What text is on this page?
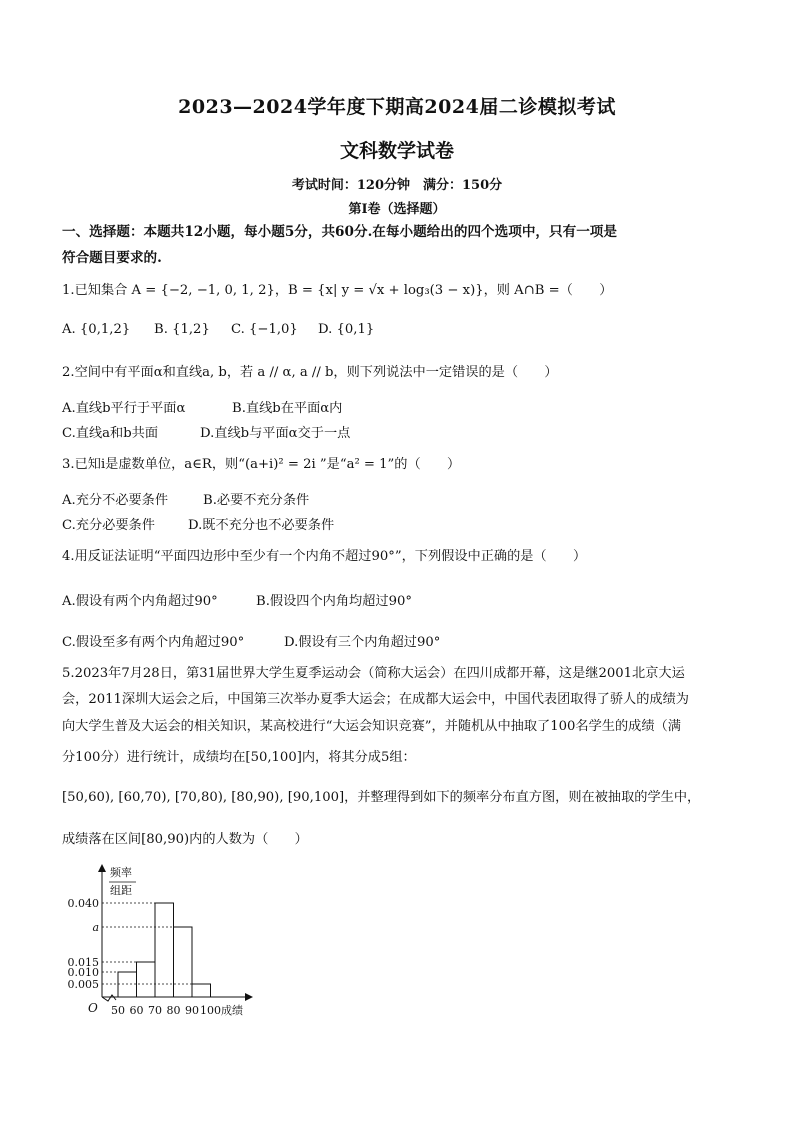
2023—2024学年度下期高2024届二诊模拟考试
文科数学试卷
考试时间：120分钟　满分：150分
第Ⅰ卷（选择题）
一、选择题：本题共12小题，每小题5分，共60分.在每小题给出的四个选项中，只有一项是
符合题目要求的.
1.已知集合 A = {−2, −1, 0, 1, 2}，B = {x| y = √x + log₃(3 − x)}，则 A∩B =（　　）
A. {0,1,2} B. {1,2} C. {−1,0} D. {0,1}
2.空间中有平面α和直线a, b，若 a // α, a // b，则下列说法中一定错误的是（　　）
A.直线b平行于平面α	B.直线b在平面α内
C.直线a和b共面	D.直线b与平面α交于一点
3.已知i是虚数单位，a∈R，则“(a+i)² = 2i ”是“a² = 1”的（　　）
A.充分不必要条件	B.必要不充分条件
C.充分必要条件	D.既不充分也不必要条件
4.用反证法证明“平面四边形中至少有一个内角不超过90°”，下列假设中正确的是（　　）
A.假设有两个内角超过90°	B.假设四个内角均超过90°
C.假设至多有两个内角超过90°	D.假设有三个内角超过90°
5.2023年7月28日，第31届世界大学生夏季运动会（简称大运会）在四川成都开幕，这是继2001北京大运
会，2011深圳大运会之后，中国第三次举办夏季大运会；在成都大运会中，中国代表团取得了骄人的成绩为
向大学生普及大运会的相关知识，某高校进行“大运会知识竞赛”，并随机从中抽取了100名学生的成绩（满
分100分）进行统计，成绩均在[50,100]内，将其分成5组：
[50,60), [60,70), [70,80), [80,90), [90,100]，并整理得到如下的频率分布直方图，则在被抽取的学生中，
成绩落在区间[80,90)内的人数为（　　）
O
频率
组距
成绩
0.040
a
0.015
0.010
0.005
50 60 70 80 90 100
